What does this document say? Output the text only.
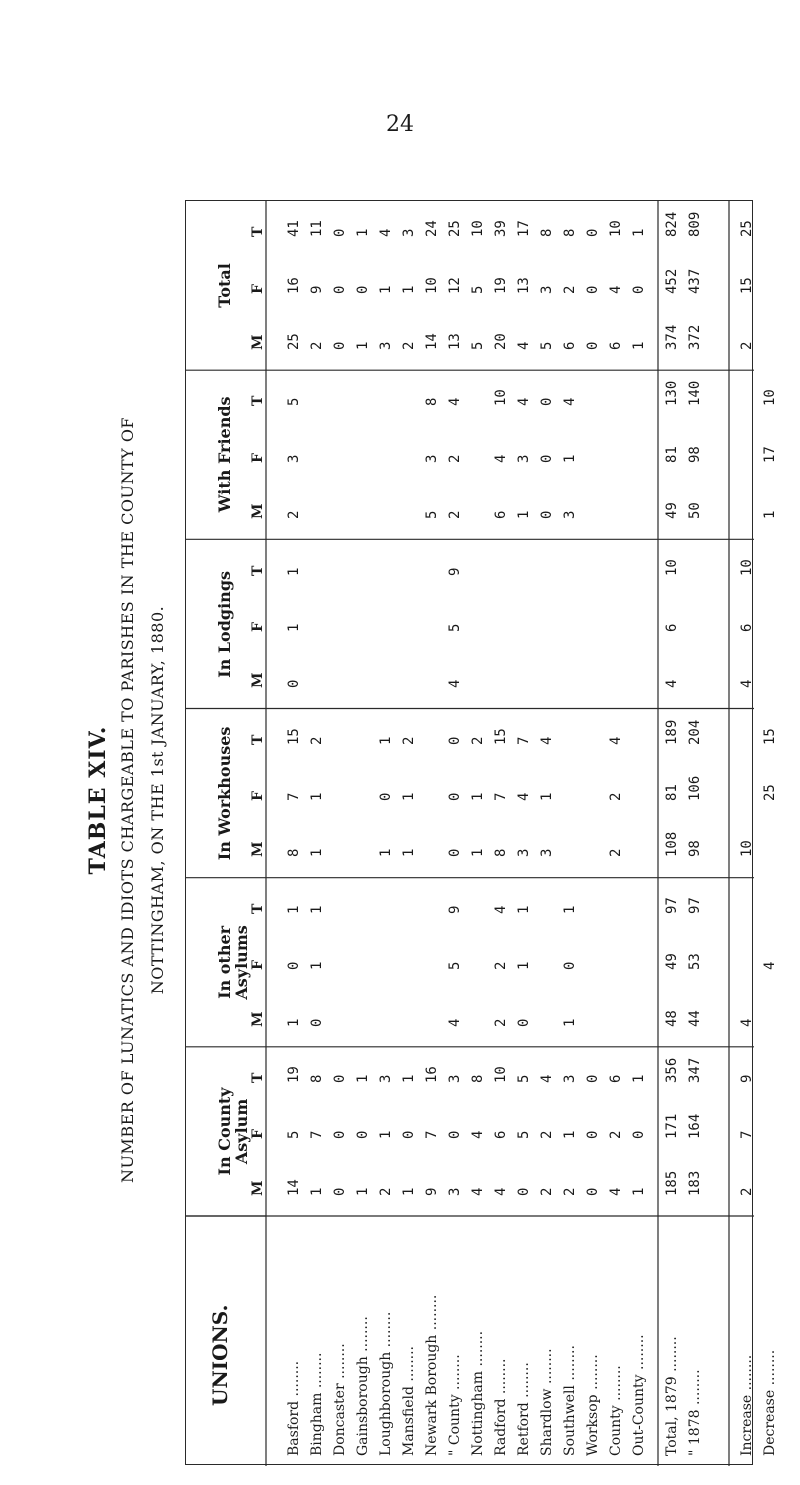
24
TABLE XIV. NUMBER OF LUNATICS AND IDIOTS CHARGEABLE TO PARISHES IN THE COUNTY OF NOTTINGHAM, ON THE 1st JANUARY, 1880.
UNIONS.
In County Asylum
M
F
T
In other Asylums
M
F
T
In Workhouses M
F
T
In Lodgings
M
F
T
With Friends M
F
T
Total
M
F
T
Basford ........ Bingham ........ Doncaster ........ Gainsborough ........ Loughborough ........ Mansfield ........ Newark Borough ........ " County ........ Nottingham ........ Radford ........ Retford ........ Shardlow ........ Southwell ........ Worksop ........ County ........ Out-County ........
14
5
19
1
0
1
8
7
15
0
1
1
2
3
5
25
16
41
1
7
8
0
1
1
1
1
2
2
9
11
0
0
0
0
0
0
1
0
1
1
0
1
2
1
3
1
0
1
3
1
4
1
0
1
1
1
2
2
1
3
9
7
16
5
3
8
14
10
24
3
0
3
4
5
9
0
0
0
4
5
9
2
2
4
13
12
25
4
4
8
1
1
2
5
5
10
4
6
10
2
2
4
8
7
15
6
4
10
20
19
39
0
5
5
0
1
1
3
4
7
1
3
4
4
13
17
2
2
4
3
1
4
0
0
0
5
3
8
2
1
3
1
0
1
3
1
4
6
2
8
0
0
0
0
0
0
4
2
6
2
2
4
6
4
10
1
0
1
1
0
1
Total, 1879 ........
185
171
356
48
49
97
108
81
189
4
6
10
49
81
130
374
452
824
" 1878 ........
183
164
347
44
53
97
98
106
204
50
98
140
372
437
809
Increase ........
2
7
9
4
10
4
6
10
2
15
25
Decrease ........
4
25
15
1
17
10
